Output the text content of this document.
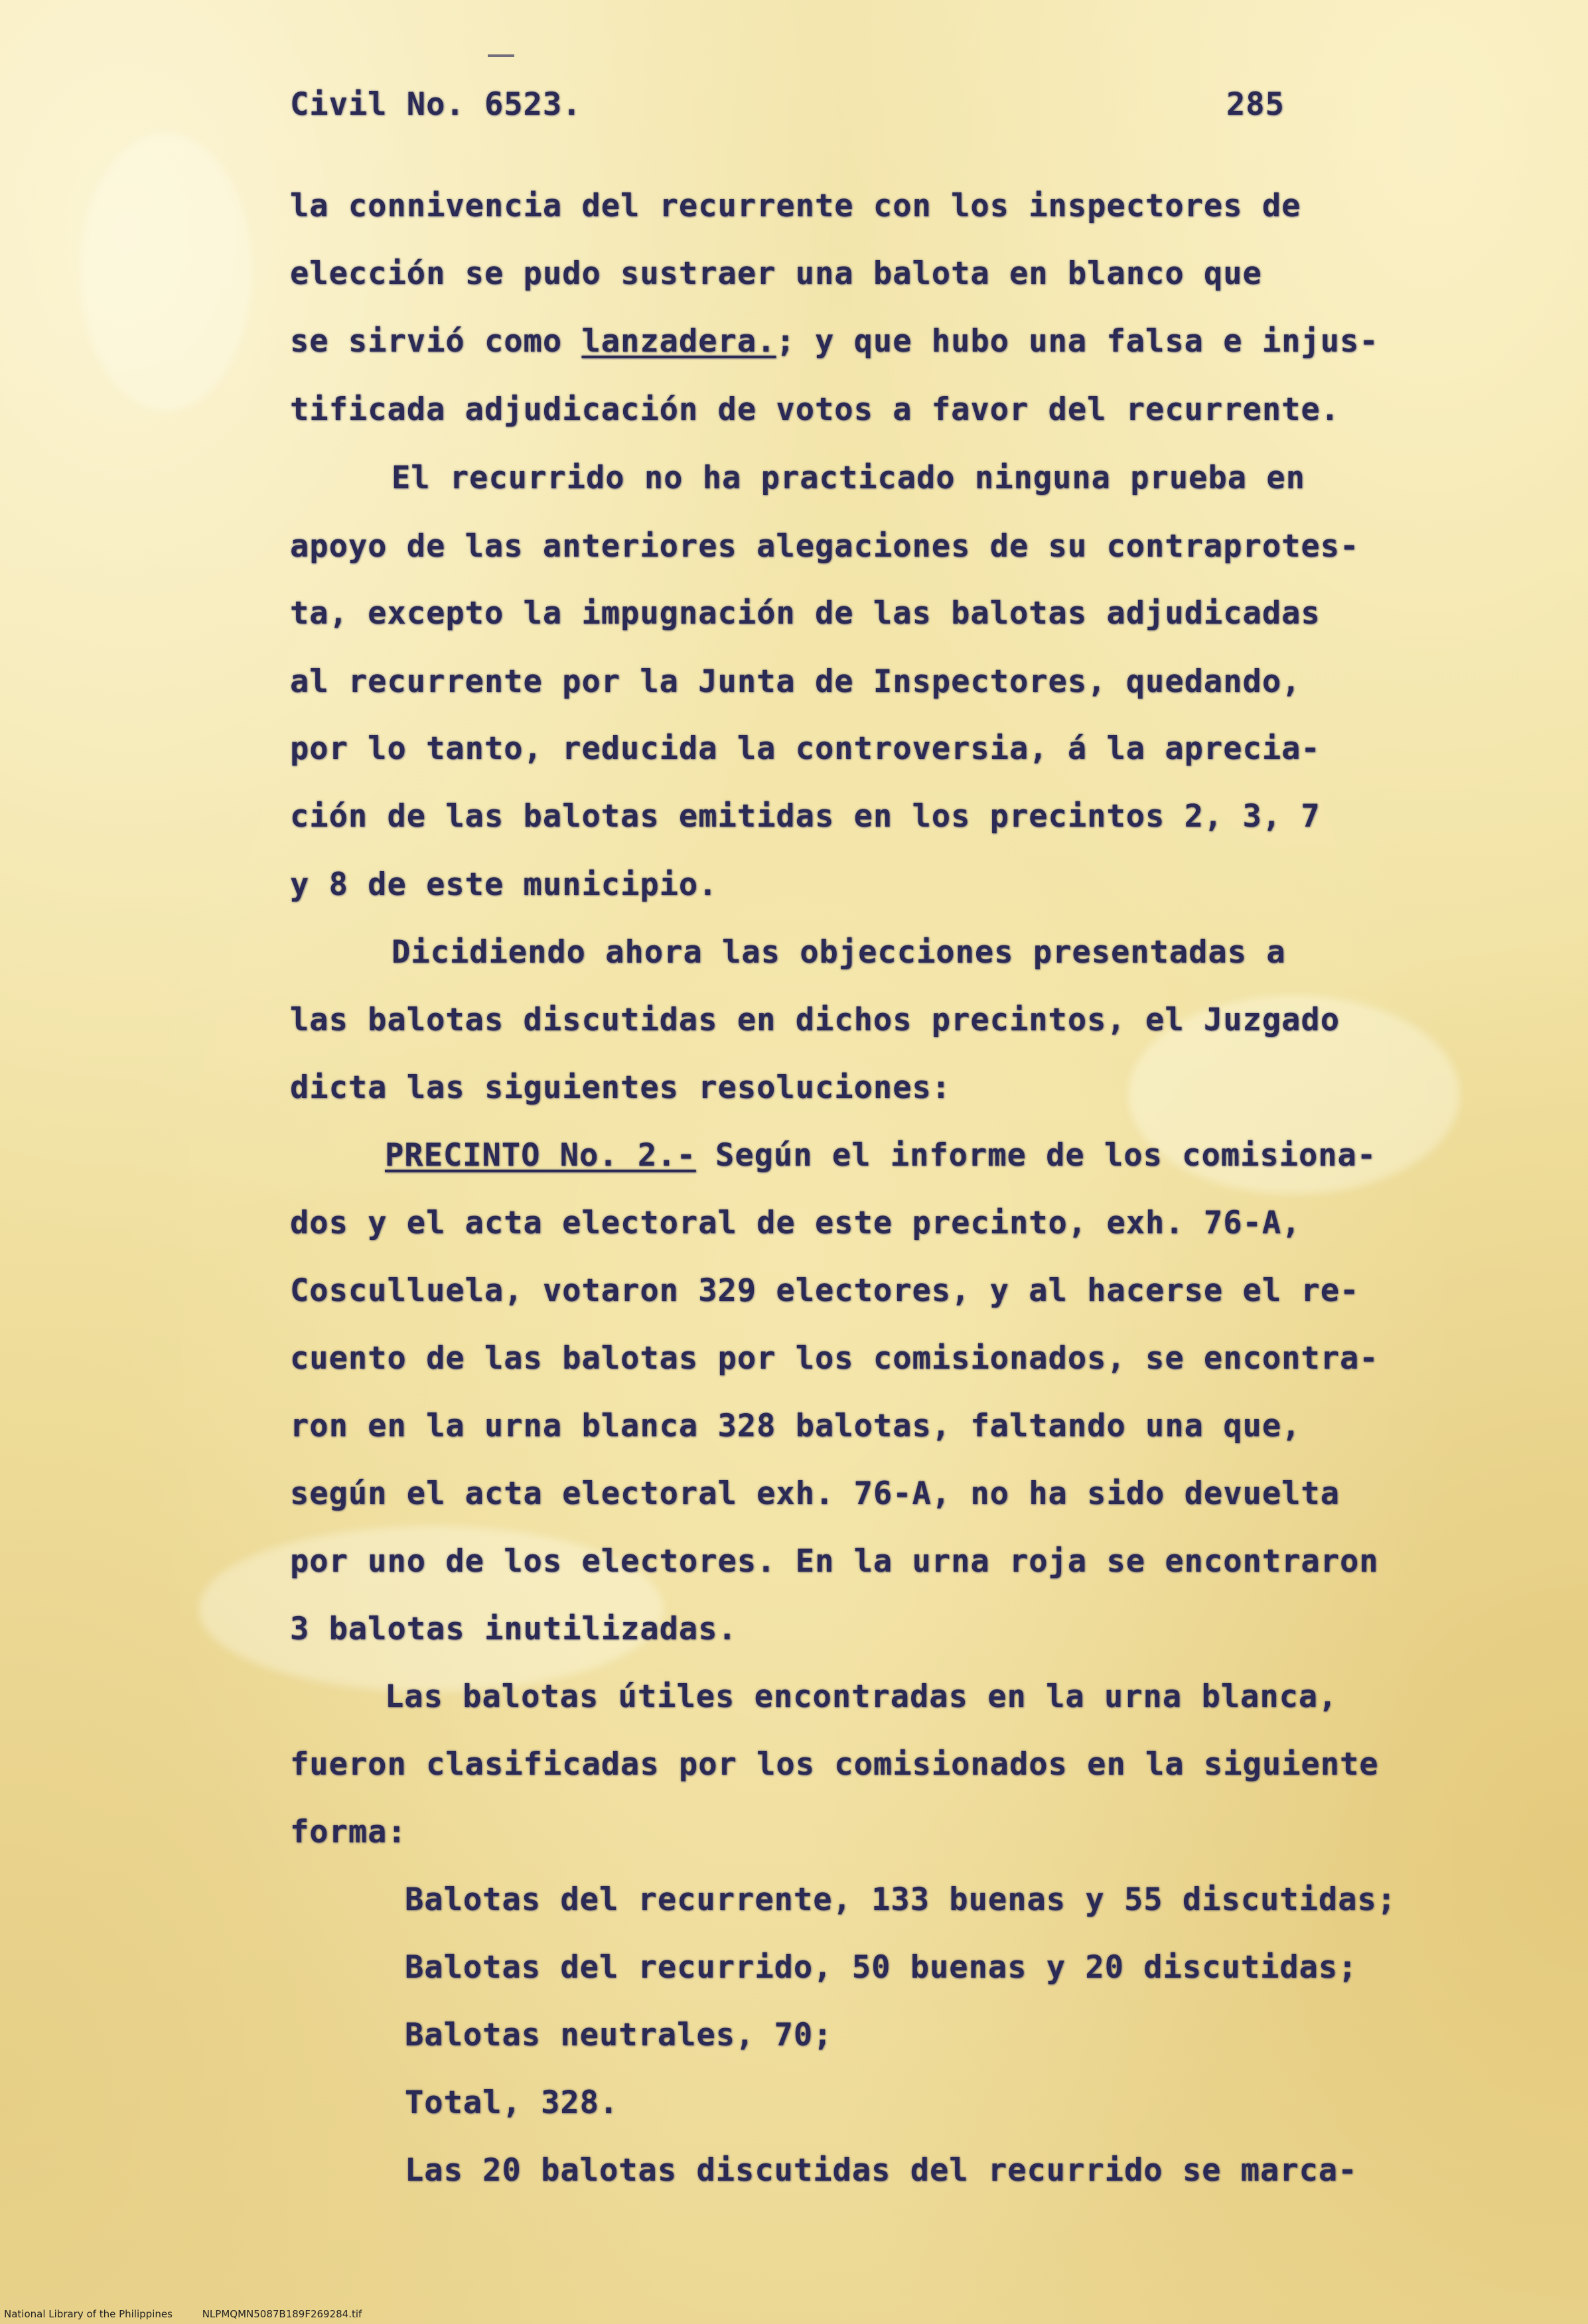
Civil No. 6523.	285
la connivencia del recurrente con los inspectores de
elección se pudo sustraer una balota en blanco que
se sirvió como lanzadera.; y que hubo una falsa e injus-
tificada adjudicación de votos a favor del recurrente.
El recurrido no ha practicado ninguna prueba en
apoyo de las anteriores alegaciones de su contraprotes-
ta, excepto la impugnación de las balotas adjudicadas
al recurrente por la Junta de Inspectores, quedando,
por lo tanto, reducida la controversia, á la aprecia-
ción de las balotas emitidas en los precintos 2, 3, 7
y 8 de este municipio.
Dicidiendo ahora las objecciones presentadas a
las balotas discutidas en dichos precintos, el Juzgado
dicta las siguientes resoluciones:
PRECINTO No. 2.- Según el informe de los comisiona-
dos y el acta electoral de este precinto, exh. 76-A,
Cosculluela, votaron 329 electores, y al hacerse el re-
cuento de las balotas por los comisionados, se encontra-
ron en la urna blanca 328 balotas, faltando una que,
según el acta electoral exh. 76-A, no ha sido devuelta
por uno de los electores. En la urna roja se encontraron
3 balotas inutilizadas.
Las balotas útiles encontradas en la urna blanca,
fueron clasificadas por los comisionados en la siguiente
forma:
Balotas del recurrente, 133 buenas y 55 discutidas;
Balotas del recurrido, 50 buenas y 20 discutidas;
Balotas neutrales, 70;
Total, 328.
Las 20 balotas discutidas del recurrido se marca-
National Library of the Philippines	NLPMQMN5087B189F269284.tif
